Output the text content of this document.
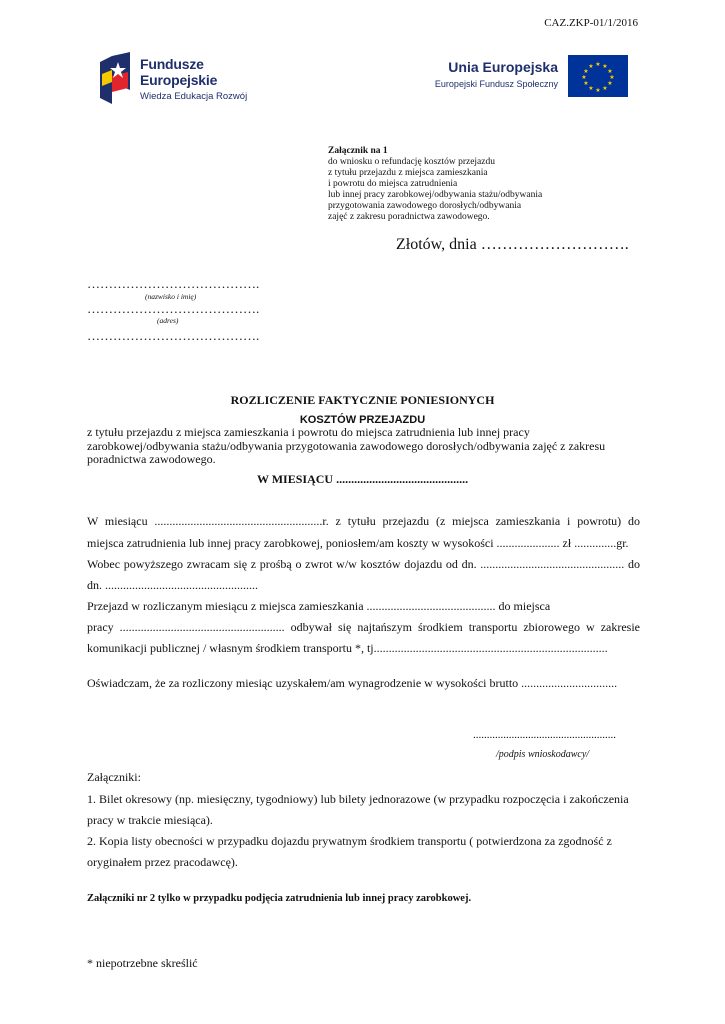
CAZ.ZKP-01/1/2016
Fundusze
Europejskie
Wiedza Edukacja Rozwój
Unia Europejska
Europejski Fundusz Społeczny
★ ★
★
★
★
★
★
★
★
★
★
★
Załącznik na 1
do wniosku o refundację kosztów przejazdu
z tytułu przejazdu z miejsca zamieszkania
i powrotu do miejsca zatrudnienia
lub innej pracy zarobkowej/odbywania stażu/odbywania
przygotowania zawodowego dorosłych/odbywania
zajęć z zakresu poradnictwa zawodowego.
Złotów, dnia ……………………….
………………………………….
(nazwisko i imię)
………………………………….
(adres)
………………………………….
ROZLICZENIE FAKTYCZNIE PONIESIONYCH
KOSZTÓW PRZEJAZDU
z tytułu przejazdu z miejsca zamieszkania i powrotu do miejsca zatrudnienia lub innej pracy zarobkowej/odbywania stażu/odbywania przygotowania zawodowego dorosłych/odbywania zajęć z zakresu poradnictwa zawodowego.
W MIESIĄCU ............................................
W miesiącu ........................................................r. z tytułu przejazdu (z miejsca zamieszkania i powrotu) do
miejsca zatrudnienia lub innej pracy zarobkowej, poniosłem/am koszty w wysokości ..................... zł ..............gr.
Wobec powyższego zwracam się z prośbą o zwrot w/w kosztów dojazdu od dn. ................................................ do
dn. ...................................................
Przejazd w rozliczanym miesiącu z miejsca zamieszkania ........................................... do miejsca
pracy ....................................................... odbywał się najtańszym środkiem transportu zbiorowego w zakresie
komunikacji publicznej / własnym środkiem transportu *, tj..............................................................................
Oświadczam, że za rozliczony miesiąc uzyskałem/am wynagrodzenie w wysokości brutto ................................
....................................................
/podpis wnioskodawcy/
Załączniki:
1. Bilet okresowy (np. miesięczny, tygodniowy) lub bilety jednorazowe (w przypadku rozpoczęcia i zakończenia
pracy w trakcie miesiąca).
2. Kopia listy obecności w przypadku dojazdu prywatnym środkiem transportu ( potwierdzona za zgodność z
oryginałem przez pracodawcę).
Załączniki nr 2 tylko w przypadku podjęcia zatrudnienia lub innej pracy zarobkowej.
* niepotrzebne skreślić
